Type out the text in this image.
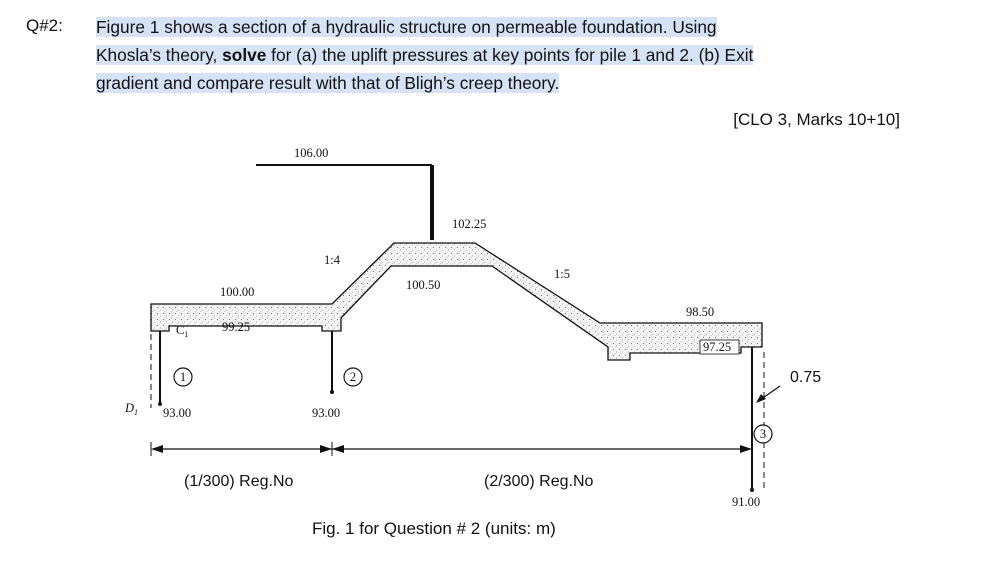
Q#2: Figure 1 shows a section of a hydraulic structure on permeable foundation. Using
Khosla’s theory, solve for (a) the uplift pressures at key points for pile 1 and 2. (b) Exit
gradient and compare result with that of Bligh’s creep theory.
[CLO 3, Marks 10+10]
1	2
3
106.00
102.25
1:4
1:5
100.50
100.00
99.25
98.50
97.25
93.00	93.00
91.00
$C_1$
$D_1$
0.75
(1/300) Reg.No	(2/300) Reg.No
Fig. 1 for Question # 2 (units: m)
